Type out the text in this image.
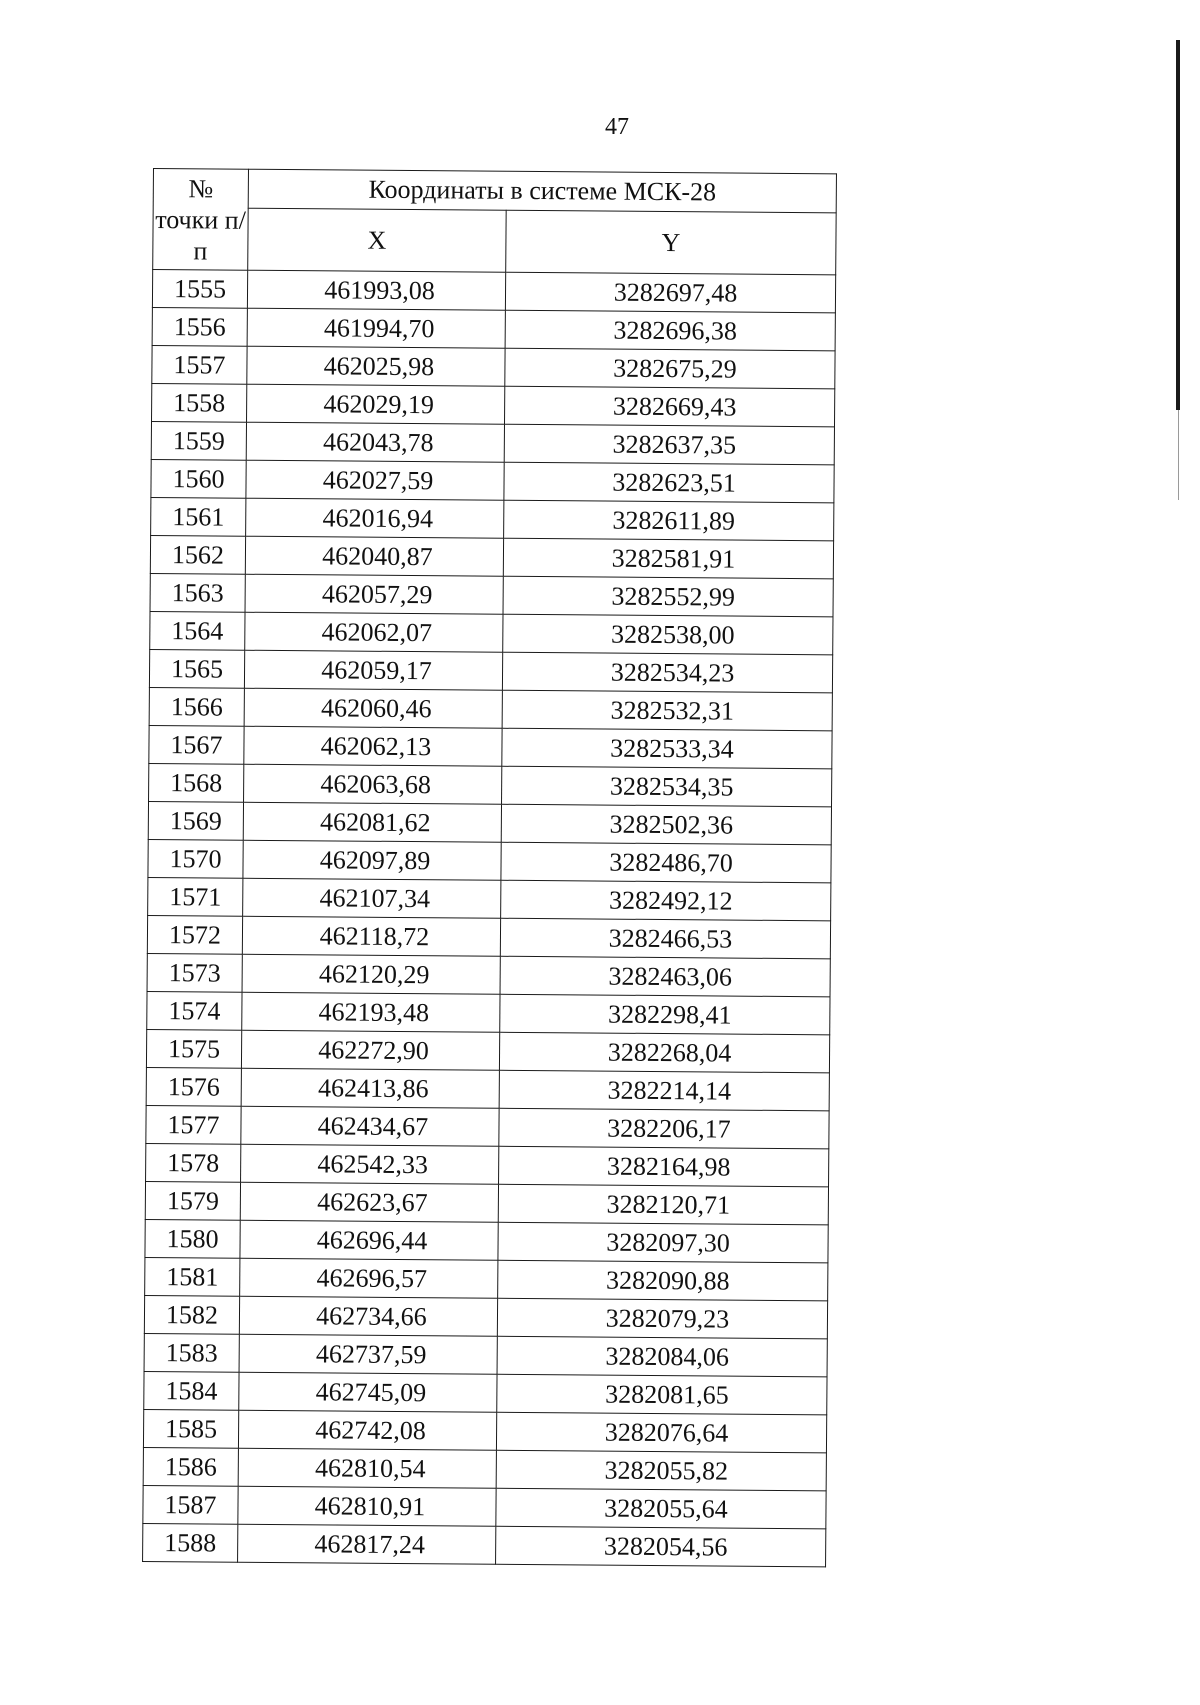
47
№ точки п/п	Координаты в системе МСК-28	
	X	Y
1555	461993,08	3282697,48
1556	461994,70	3282696,38
1557	462025,98	3282675,29
1558	462029,19	3282669,43
1559	462043,78	3282637,35
1560	462027,59	3282623,51
1561	462016,94	3282611,89
1562	462040,87	3282581,91
1563	462057,29	3282552,99
1564	462062,07	3282538,00
1565	462059,17	3282534,23
1566	462060,46	3282532,31
1567	462062,13	3282533,34
1568	462063,68	3282534,35
1569	462081,62	3282502,36
1570	462097,89	3282486,70
1571	462107,34	3282492,12
1572	462118,72	3282466,53
1573	462120,29	3282463,06
1574	462193,48	3282298,41
1575	462272,90	3282268,04
1576	462413,86	3282214,14
1577	462434,67	3282206,17
1578	462542,33	3282164,98
1579	462623,67	3282120,71
1580	462696,44	3282097,30
1581	462696,57	3282090,88
1582	462734,66	3282079,23
1583	462737,59	3282084,06
1584	462745,09	3282081,65
1585	462742,08	3282076,64
1586	462810,54	3282055,82
1587	462810,91	3282055,64
1588	462817,24	3282054,56
